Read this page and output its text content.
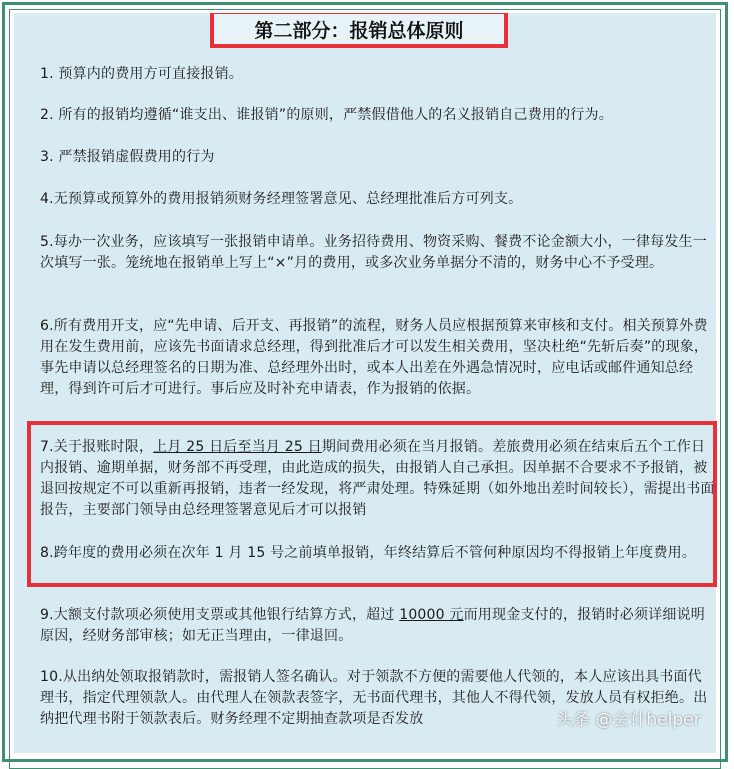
第二部分：报销总体原则

1. 预算内的费用方可直接报销。

2. 所有的报销均遵循“谁支出、谁报销”的原则，严禁假借他人的名义报销自己费用的行为。

3. 严禁报销虚假费用的行为

4.无预算或预算外的费用报销须财务经理签署意见、总经理批准后方可列支。

5.每办一次业务，应该填写一张报销申请单。业务招待费用、物资采购、餐费不论金额大小，一律每发生一次填写一张。笼统地在报销单上写上“×”月的费用，或多次业务单据分不清的，财务中心不予受理。

6.所有费用开支，应“先申请、后开支、再报销”的流程，财务人员应根据预算来审核和支付。相关预算外费用在发生费用前，应该先书面请求总经理，得到批准后才可以发生相关费用，坚决杜绝“先斩后奏”的现象，事先申请以总经理签名的日期为准、总经理外出时，或本人出差在外遇急情况时，应电话或邮件通知总经理，得到许可后才可进行。事后应及时补充申请表，作为报销的依据。

7.关于报账时限，上月 25 日后至当月 25 日期间费用必须在当月报销。差旅费用必须在结束后五个工作日内报销、逾期单据，财务部不再受理，由此造成的损失，由报销人自己承担。因单据不合要求不予报销，被退回按规定不可以重新再报销，违者一经发现，将严肃处理。特殊延期（如外地出差时间较长），需提出书面报告，主要部门领导由总经理签署意见后才可以报销

8.跨年度的费用必须在次年 1 月 15 号之前填单报销，年终结算后不管何种原因均不得报销上年度费用。

9.大额支付款项必须使用支票或其他银行结算方式，超过 10000 元而用现金支付的，报销时必须详细说明原因，经财务部审核；如无正当理由，一律退回。

10.从出纳处领取报销款时，需报销人签名确认。对于领款不方便的需要他人代领的，本人应该出具书面代理书，指定代理领款人。由代理人在领款表签字，无书面代理书，其他人不得代领，发放人员有权拒绝。出纳把代理书附于领款表后。财务经理不定期抽查款项是否发放	头条 @会计helper
